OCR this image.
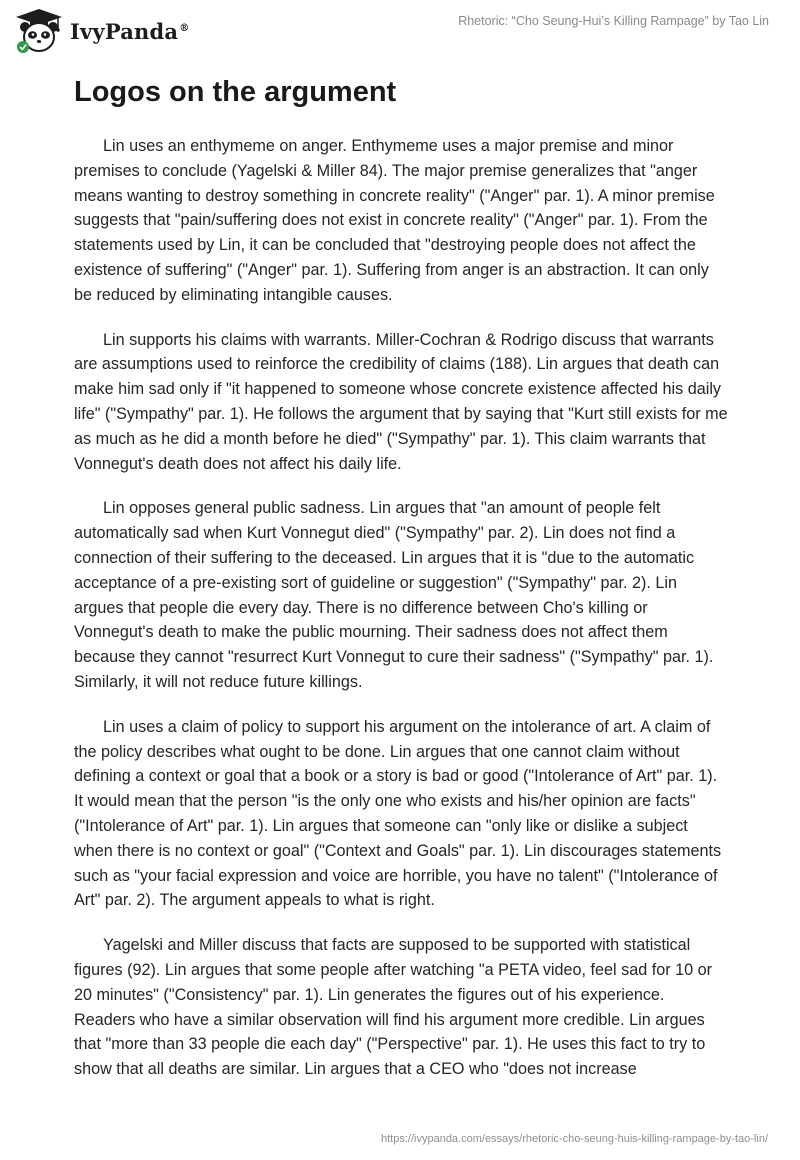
IvyPanda®	Rhetoric: “Cho Seung-Hui’s Killing Rampage” by Tao Lin
Logos on the argument

Lin uses an enthymeme on anger. Enthymeme uses a major premise and minor premises to conclude (Yagelski & Miller 84). The major premise generalizes that "anger means wanting to destroy something in concrete reality" ("Anger" par. 1). A minor premise suggests that "pain/suffering does not exist in concrete reality" ("Anger" par. 1). From the statements used by Lin, it can be concluded that "destroying people does not affect the existence of suffering" ("Anger" par. 1). Suffering from anger is an abstraction. It can only be reduced by eliminating intangible causes.

Lin supports his claims with warrants. Miller-Cochran & Rodrigo discuss that warrants are assumptions used to reinforce the credibility of claims (188). Lin argues that death can make him sad only if "it happened to someone whose concrete existence affected his daily life" ("Sympathy" par. 1). He follows the argument that by saying that "Kurt still exists for me as much as he did a month before he died" ("Sympathy" par. 1). This claim warrants that Vonnegut's death does not affect his daily life.

Lin opposes general public sadness. Lin argues that "an amount of people felt automatically sad when Kurt Vonnegut died" ("Sympathy" par. 2). Lin does not find a connection of their suffering to the deceased. Lin argues that it is "due to the automatic acceptance of a pre-existing sort of guideline or suggestion" ("Sympathy" par. 2). Lin argues that people die every day. There is no difference between Cho's killing or Vonnegut's death to make the public mourning. Their sadness does not affect them because they cannot "resurrect Kurt Vonnegut to cure their sadness" ("Sympathy" par. 1). Similarly, it will not reduce future killings.

Lin uses a claim of policy to support his argument on the intolerance of art. A claim of the policy describes what ought to be done. Lin argues that one cannot claim without defining a context or goal that a book or a story is bad or good ("Intolerance of Art" par. 1). It would mean that the person "is the only one who exists and his/her opinion are facts" ("Intolerance of Art" par. 1). Lin argues that someone can "only like or dislike a subject when there is no context or goal" ("Context and Goals" par. 1). Lin discourages statements such as "your facial expression and voice are horrible, you have no talent" ("Intolerance of Art" par. 2). The argument appeals to what is right.

Yagelski and Miller discuss that facts are supposed to be supported with statistical figures (92). Lin argues that some people after watching "a PETA video, feel sad for 10 or 20 minutes" ("Consistency" par. 1). Lin generates the figures out of his experience. Readers who have a similar observation will find his argument more credible. Lin argues that "more than 33 people die each day" ("Perspective" par. 1). He uses this fact to try to show that all deaths are similar. Lin argues that a CEO who "does not increase

https://ivypanda.com/essays/rhetoric-cho-seung-huis-killing-rampage-by-tao-lin/
